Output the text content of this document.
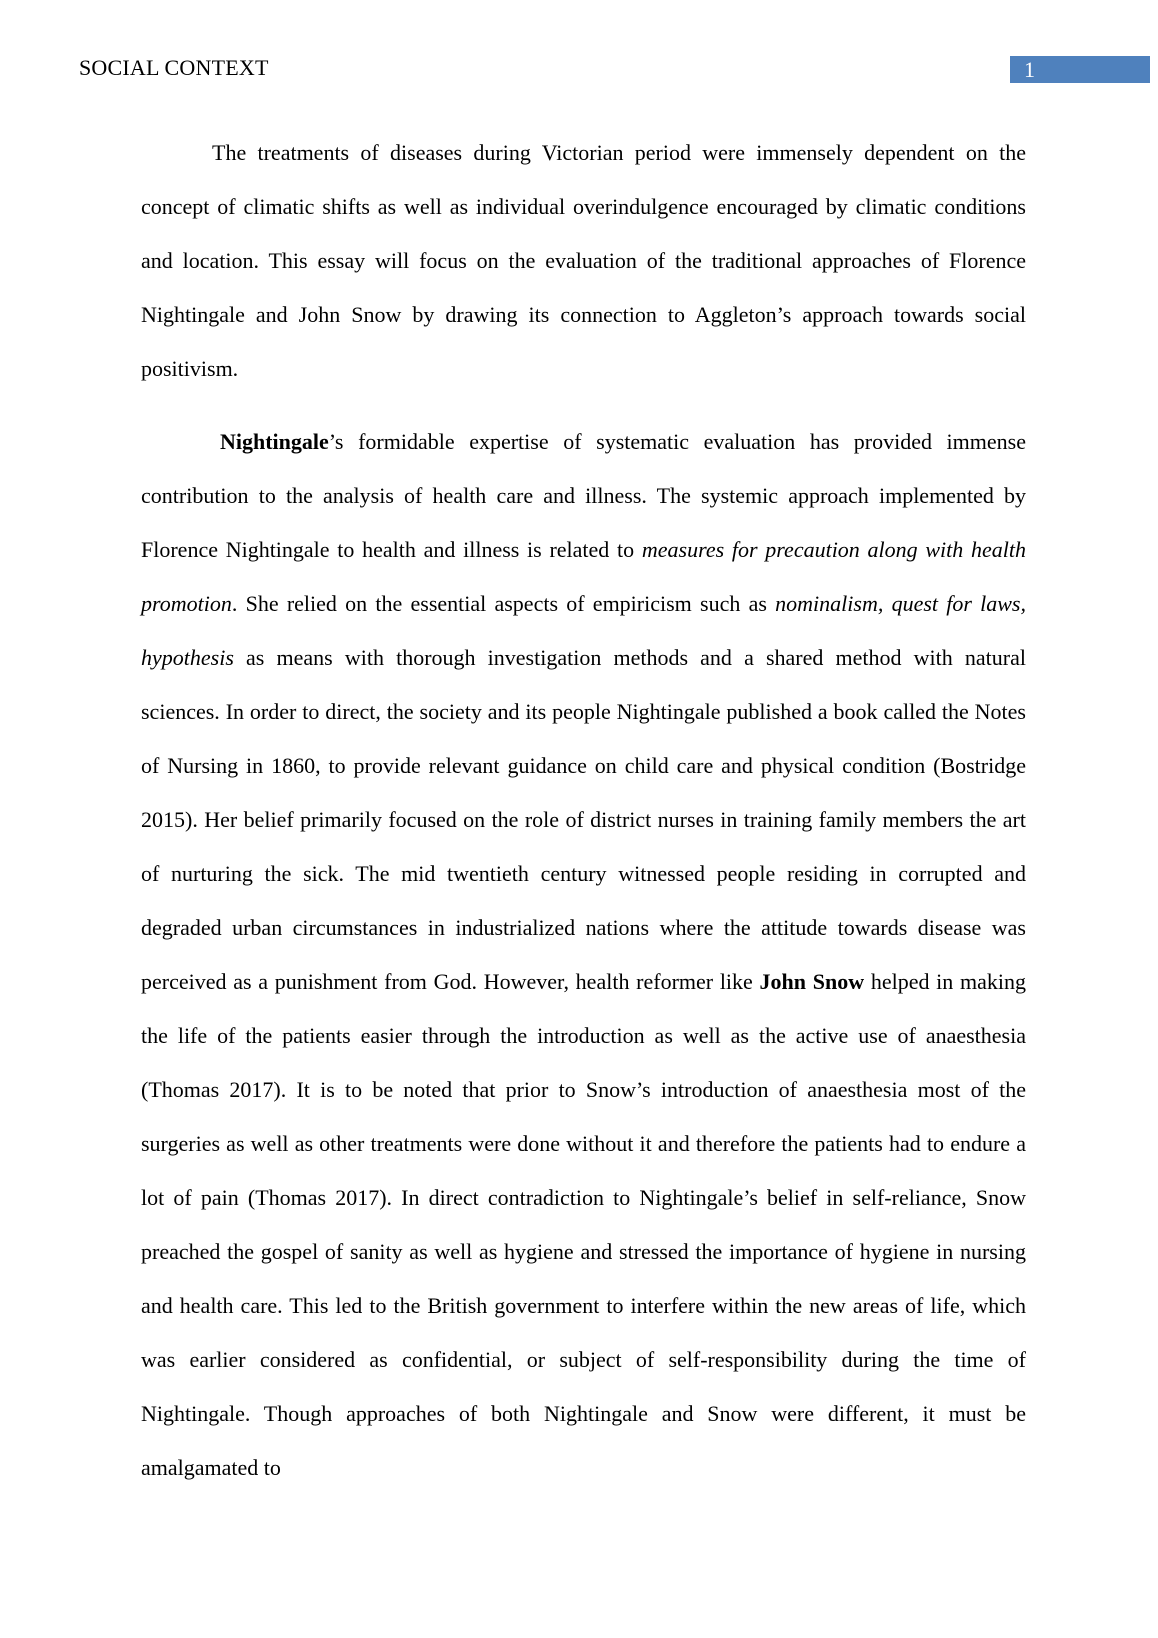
SOCIAL CONTEXT	1

The treatments of diseases during Victorian period were immensely dependent on the concept of climatic shifts as well as individual overindulgence encouraged by climatic conditions and location. This essay will focus on the evaluation of the traditional approaches of Florence Nightingale and John Snow by drawing its connection to Aggleton’s approach towards social positivism.

Nightingale’s formidable expertise of systematic evaluation has provided immense contribution to the analysis of health care and illness. The systemic approach implemented by Florence Nightingale to health and illness is related to measures for precaution along with health promotion. She relied on the essential aspects of empiricism such as nominalism, quest for laws, hypothesis as means with thorough investigation methods and a shared method with natural sciences. In order to direct, the society and its people Nightingale published a book called the Notes of Nursing in 1860, to provide relevant guidance on child care and physical condition (Bostridge 2015). Her belief primarily focused on the role of district nurses in training family members the art of nurturing the sick. The mid twentieth century witnessed people residing in corrupted and degraded urban circumstances in industrialized nations where the attitude towards disease was perceived as a punishment from God. However, health reformer like John Snow helped in making the life of the patients easier through the introduction as well as the active use of anaesthesia (Thomas 2017). It is to be noted that prior to Snow’s introduction of anaesthesia most of the surgeries as well as other treatments were done without it and therefore the patients had to endure a lot of pain (Thomas 2017). In direct contradiction to Nightingale’s belief in self-reliance, Snow preached the gospel of sanity as well as hygiene and stressed the importance of hygiene in nursing and health care. This led to the British government to interfere within the new areas of life, which was earlier considered as confidential, or subject of self-responsibility during the time of Nightingale. Though approaches of both Nightingale and Snow were different, it must be amalgamated to
